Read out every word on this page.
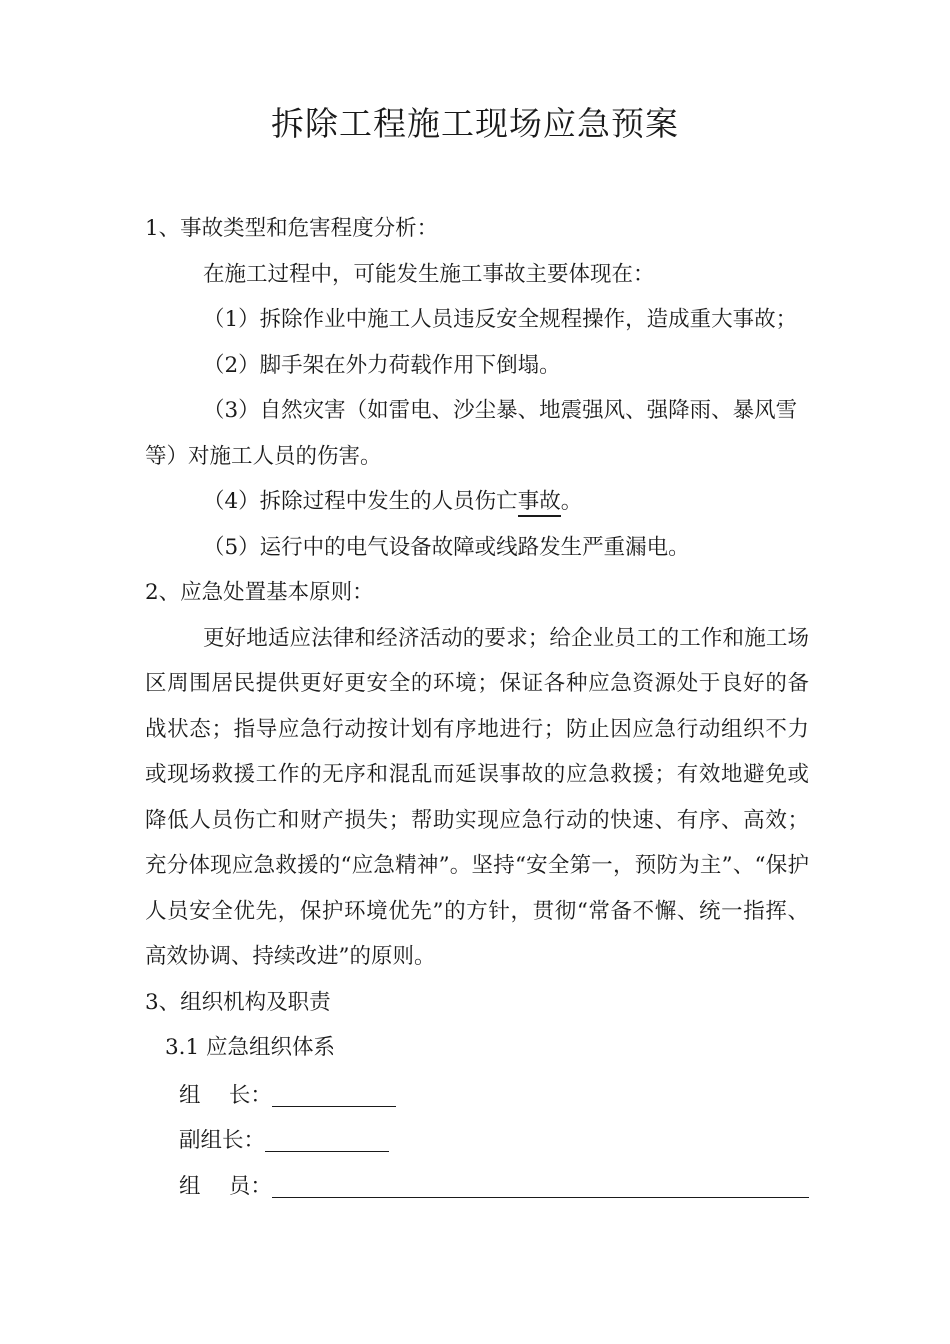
拆除工程施工现场应急预案
1、事故类型和危害程度分析：
在施工过程中，可能发生施工事故主要体现在：
（1）拆除作业中施工人员违反安全规程操作，造成重大事故；
（2）脚手架在外力荷载作用下倒塌。
（3）自然灾害（如雷电、沙尘暴、地震强风、强降雨、暴风雪
等）对施工人员的伤害。
（4）拆除过程中发生的人员伤亡事故。
（5）运行中的电气设备故障或线路发生严重漏电。
2、应急处置基本原则：

更好地适应法律和经济活动的要求；给企业员工的工作和施工场区周围居民提供更好更安全的环境；保证各种应急资源处于良好的备战状态；指导应急行动按计划有序地进行；防止因应急行动组织不力或现场救援工作的无序和混乱而延误事故的应急救援；有效地避免或降低人员伤亡和财产损失；帮助实现应急行动的快速、有序、高效；充分体现应急救援的“应急精神”。坚持“安全第一，预防为主”、“保护人员安全优先，保护环境优先”的方针，贯彻“常备不懈、统一指挥、高效协调、持续改进”的原则。

3、组织机构及职责
3.1 应急组织体系
组　 长：
副组长：
组　 员：
